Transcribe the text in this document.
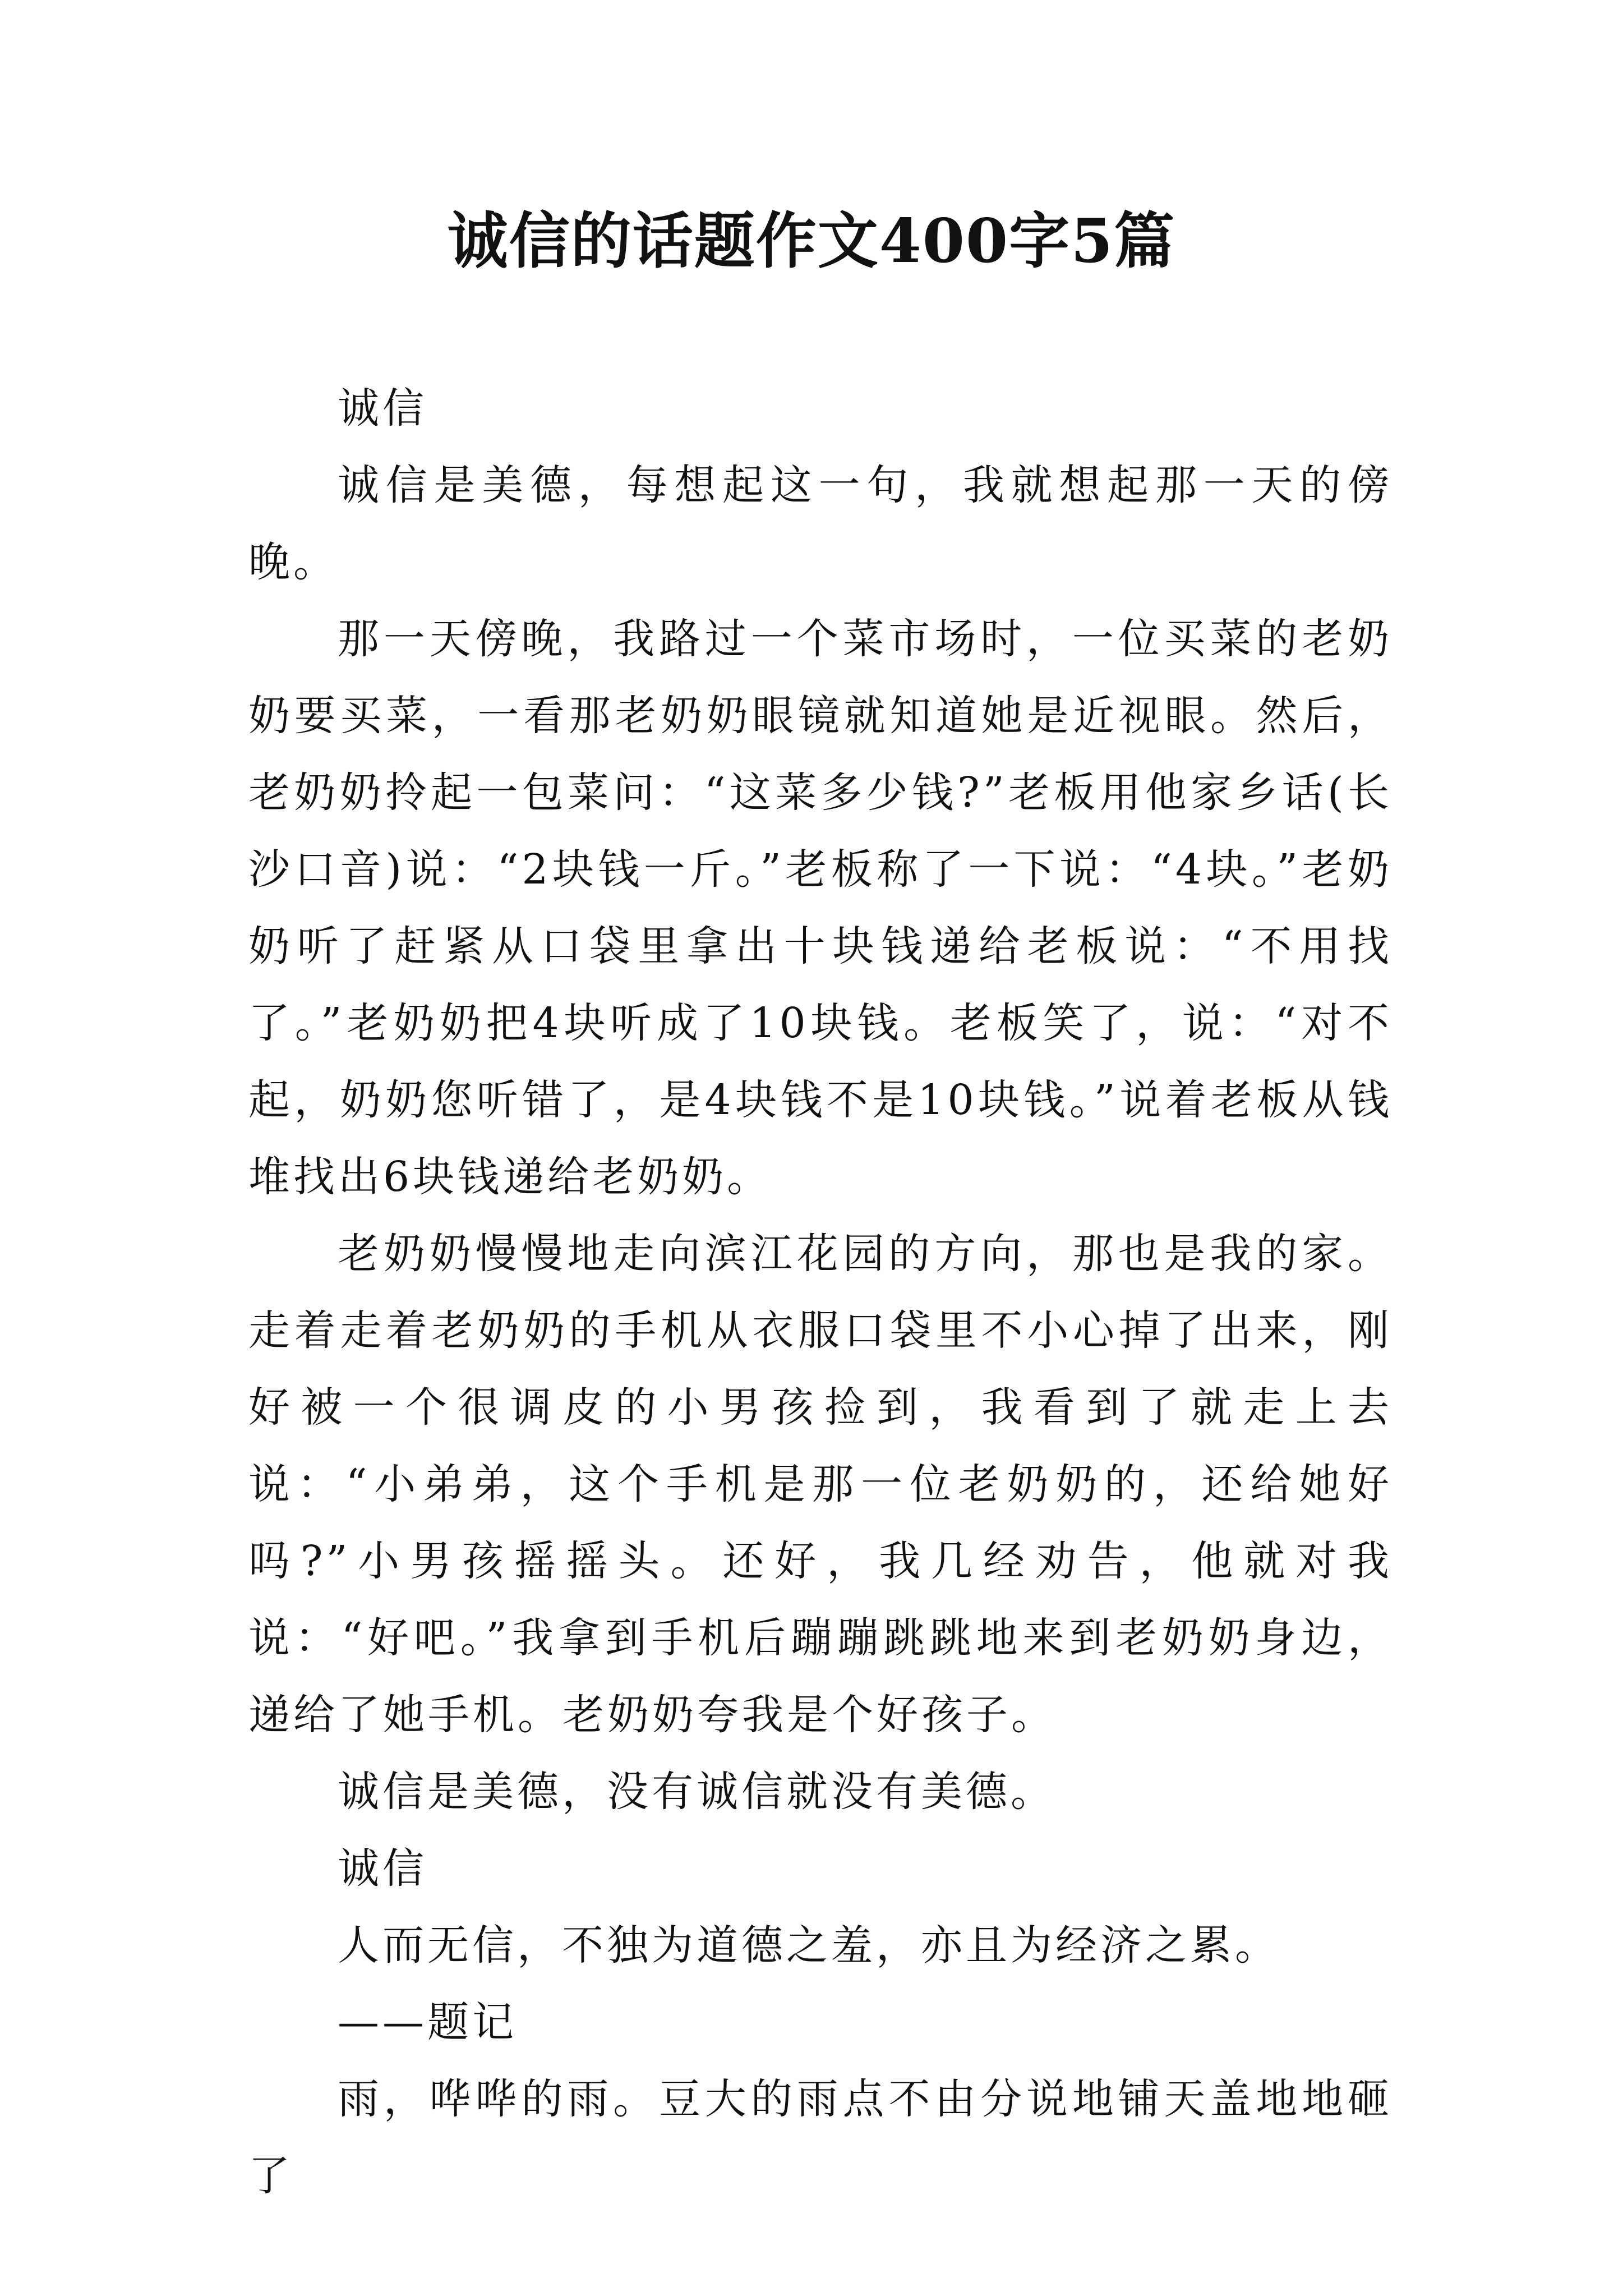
诚信的话题作文400字5篇

诚信

诚信是美德，每想起这一句，我就想起那一天的傍晚。

那一天傍晚，我路过一个菜市场时，一位买菜的老奶奶要买菜，一看那老奶奶眼镜就知道她是近视眼。然后，老奶奶拎起一包菜问：“这菜多少钱?”老板用他家乡话(长沙口音)说：“2块钱一斤。”老板称了一下说：“4块。”老奶奶听了赶紧从口袋里拿出十块钱递给老板说：“不用找了。”老奶奶把4块听成了10块钱。老板笑了，说：“对不起，奶奶您听错了，是4块钱不是10块钱。”说着老板从钱堆找出6块钱递给老奶奶。

老奶奶慢慢地走向滨江花园的方向，那也是我的家。走着走着老奶奶的手机从衣服口袋里不小心掉了出来，刚好被一个很调皮的小男孩捡到，我看到了就走上去说：“小弟弟，这个手机是那一位老奶奶的，还给她好吗?”小男孩摇摇头。还好，我几经劝告，他就对我说：“好吧。”我拿到手机后蹦蹦跳跳地来到老奶奶身边，递给了她手机。老奶奶夸我是个好孩子。

诚信是美德，没有诚信就没有美德。

诚信

人而无信，不独为道德之羞，亦且为经济之累。

——题记

雨，哗哗的雨。豆大的雨点不由分说地铺天盖地地砸了
